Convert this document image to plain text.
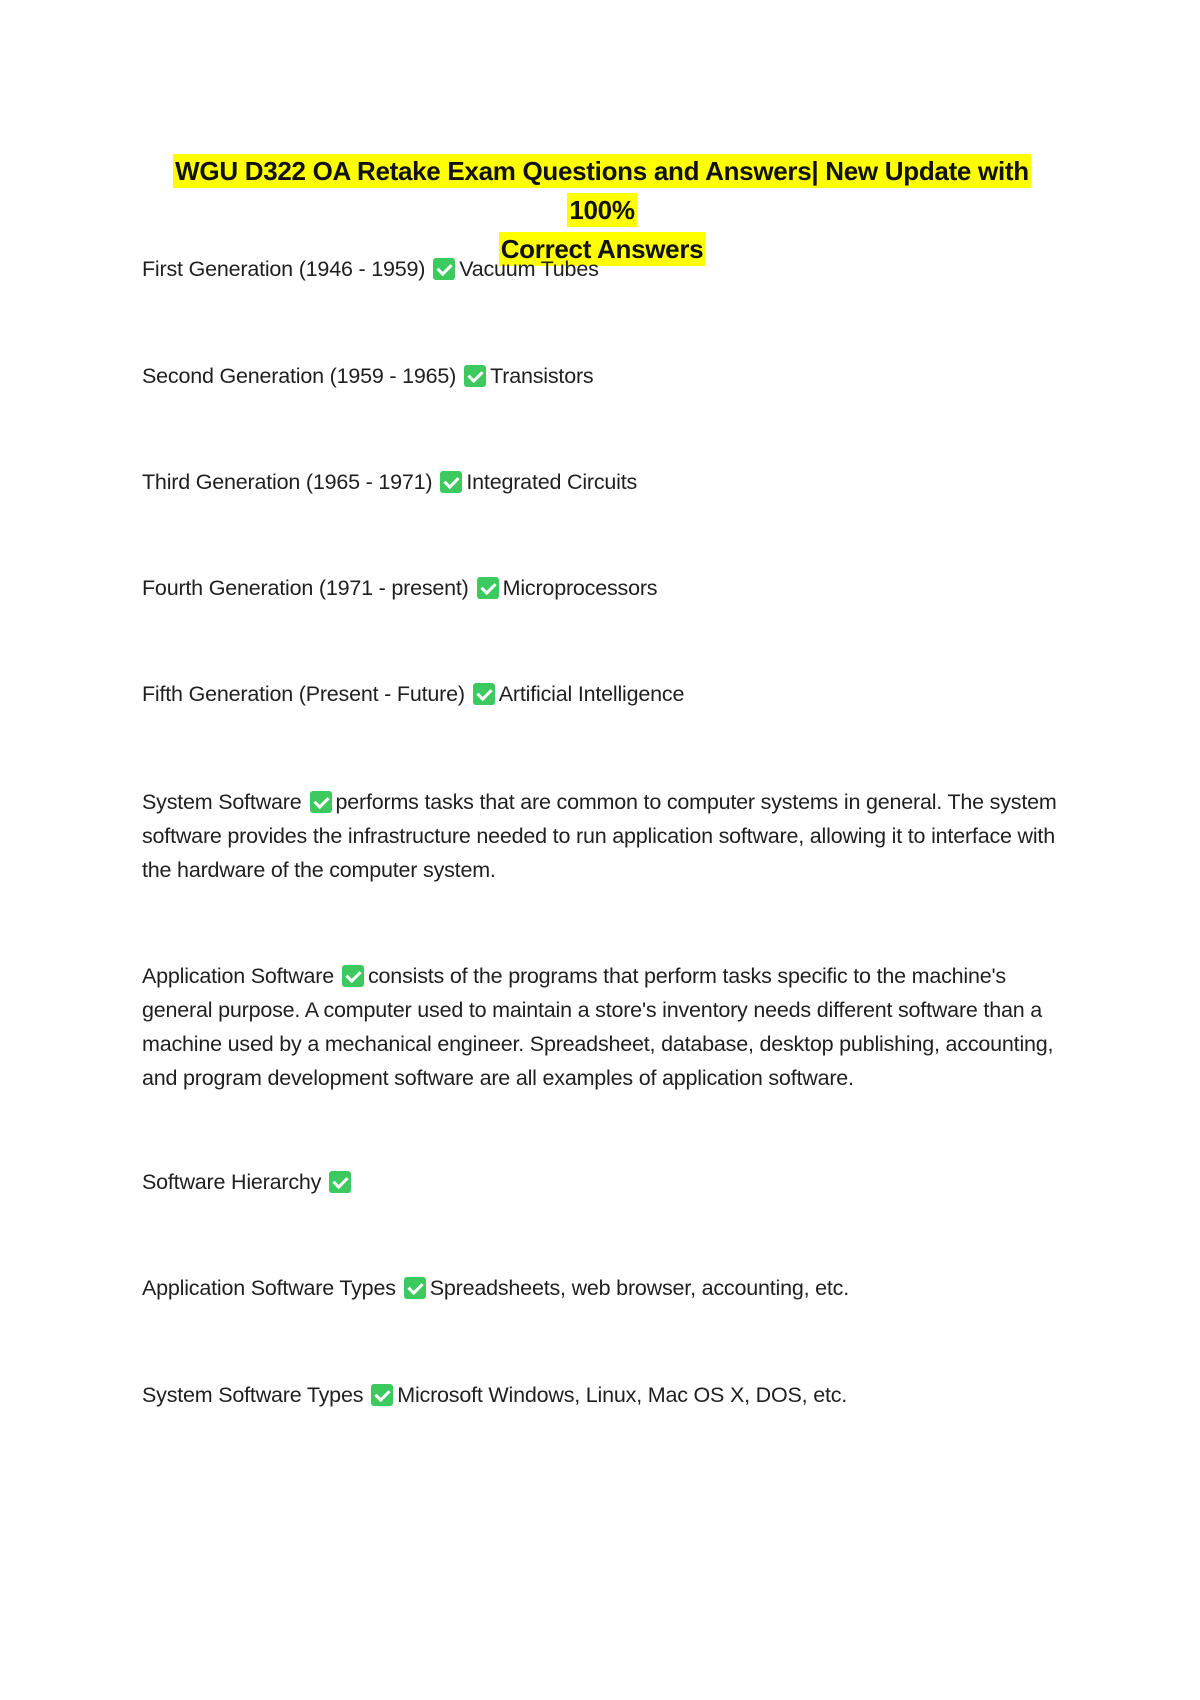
WGU D322 OA Retake Exam Questions and Answers| New Update with 100%
Correct Answers

First Generation (1946 - 1959) Vacuum Tubes

Second Generation (1959 - 1965) Transistors

Third Generation (1965 - 1971) Integrated Circuits

Fourth Generation (1971 - present) Microprocessors

Fifth Generation (Present - Future) Artificial Intelligence

System Software performs tasks that are common to computer systems in general. The system software provides the infrastructure needed to run application software, allowing it to interface with the hardware of the computer system.

Application Software consists of the programs that perform tasks specific to the machine's general purpose. A computer used to maintain a store's inventory needs different software than a machine used by a mechanical engineer. Spreadsheet, database, desktop publishing, accounting, and program development software are all examples of application software.

Software Hierarchy

Application Software Types Spreadsheets, web browser, accounting, etc.

System Software Types Microsoft Windows, Linux, Mac OS X, DOS, etc.
